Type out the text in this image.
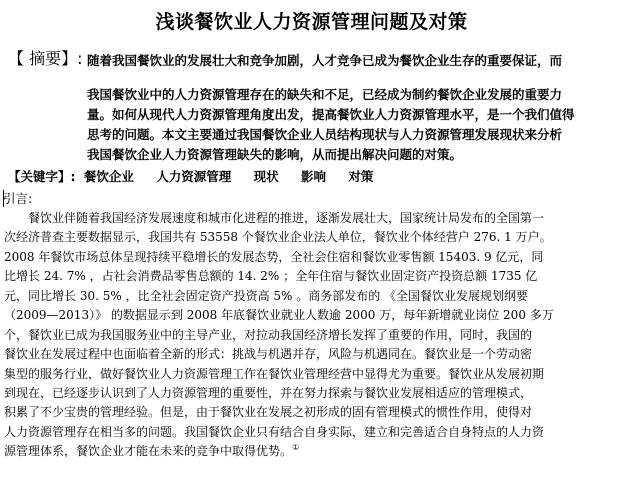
浅谈餐饮业人力资源管理问题及对策
【 摘要】: 随着我国餐饮业的发展壮大和竞争加剧，人才竞争已成为餐饮企业生存的重要保证，而
我国餐饮业中的人力资源管理存在的缺失和不足，已经成为制约餐饮企业发展的重要力
量。如何从现代人力资源管理角度出发，提高餐饮业人力资源管理水平，是一个我们值得
思考的问题。本文主要通过我国餐饮企业人员结构现状与人力资源管理发展现状来分析
我国餐饮企业人力资源管理缺失的影响，从而提出解决问题的对策。
【关键字】: 餐饮企业 人力资源管理 现状 影响 对策
引言:
餐饮业伴随着我国经济发展速度和城市化进程的推进，逐渐发展壮大，国家统计局发布的全国第一
次经济普查主要数据显示，我国共有 53558 个餐饮业企业法人单位，餐饮业个体经营户 276. 1 万户。
2008 年餐饮市场总体呈现持续平稳增长的发展态势，全社会住宿和餐饮业零售额 15403. 9 亿元，同
比增长 24. 7% ，占社会消费品零售总额的 14. 2% ；全年住宿与餐饮业固定资产投资总额 1735 亿
元，同比增长 30. 5% ，比全社会固定资产投资高 5% 。商务部发布的 《全国餐饮业发展规划纲要
（2009—2013）》 的数据显示到 2008 年底餐饮业就业人数逾 2000 万，每年新增就业岗位 200 多万
个，餐饮业已成为我国服务业中的主导产业，对拉动我国经济增长发挥了重要的作用，同时，我国的
餐饮业在发展过程中也面临着全新的形式：挑战与机遇并存，风险与机遇同在。餐饮业是一个劳动密
集型的服务行业，做好餐饮业人力资源管理工作在餐饮业管理经营中显得尤为重要。餐饮业从发展初期
到现在，已经逐步认识到了人力资源管理的重要性，并在努力探索与餐饮业发展相适应的管理模式，
积累了不少宝贵的管理经验。但是，由于餐饮业在发展之初形成的固有管理模式的惯性作用，使得对
人力资源管理存在相当多的问题。我国餐饮企业只有结合自身实际，建立和完善适合自身特点的人力资
源管理体系，餐饮企业才能在未来的竞争中取得优势。①
